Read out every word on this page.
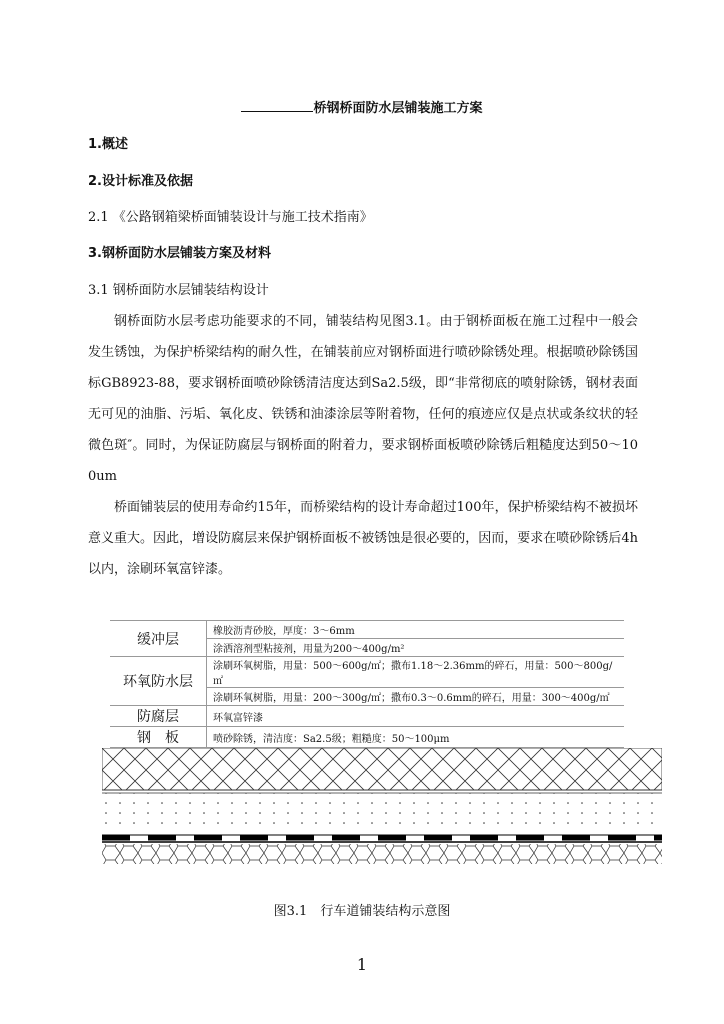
桥钢桥面防水层铺装施工方案
1.概述
2.设计标准及依据
2.1 《公路钢箱梁桥面铺装设计与施工技术指南》
3.钢桥面防水层铺装方案及材料
3.1 钢桥面防水层铺装结构设计

钢桥面防水层考虑功能要求的不同，铺装结构见图3.1。由于钢桥面板在施工过程中一般会发生锈蚀，为保护桥梁结构的耐久性，在铺装前应对钢桥面进行喷砂除锈处理。根据喷砂除锈国标GB8923-88，要求钢桥面喷砂除锈清洁度达到Sa2.5级，即“非常彻底的喷射除锈，钢材表面无可见的油脂、污垢、氧化皮、铁锈和油漆涂层等附着物，任何的痕迹应仅是点状或条纹状的轻微色斑″。同时，为保证防腐层与钢桥面的附着力，要求钢桥面板喷砂除锈后粗糙度达到50～100um

桥面铺装层的使用寿命约15年，而桥梁结构的设计寿命超过100年，保护桥梁结构不被损坏意义重大。因此，增设防腐层来保护钢桥面板不被锈蚀是很必要的，因而，要求在喷砂除锈后4h以内，涂刷环氧富锌漆。

缓冲层	橡胶沥青砂胶，厚度：3～6mm
	涂洒溶剂型粘接剂，用量为200～400g/m²
环氧防水层	涂刷环氧树脂，用量：500～600g/㎡；撒布1.18～2.36mm的碎石，用量：500～800g/㎡
	涂刷环氧树脂，用量：200～300g/㎡；撒布0.3～0.6mm的碎石，用量：300～400g/㎡
防腐层	环氧富锌漆
钢　板	喷砂除锈，清洁度：Sa2.5级；粗糙度：50～100μm
图3.1　行车道铺装结构示意图
1
